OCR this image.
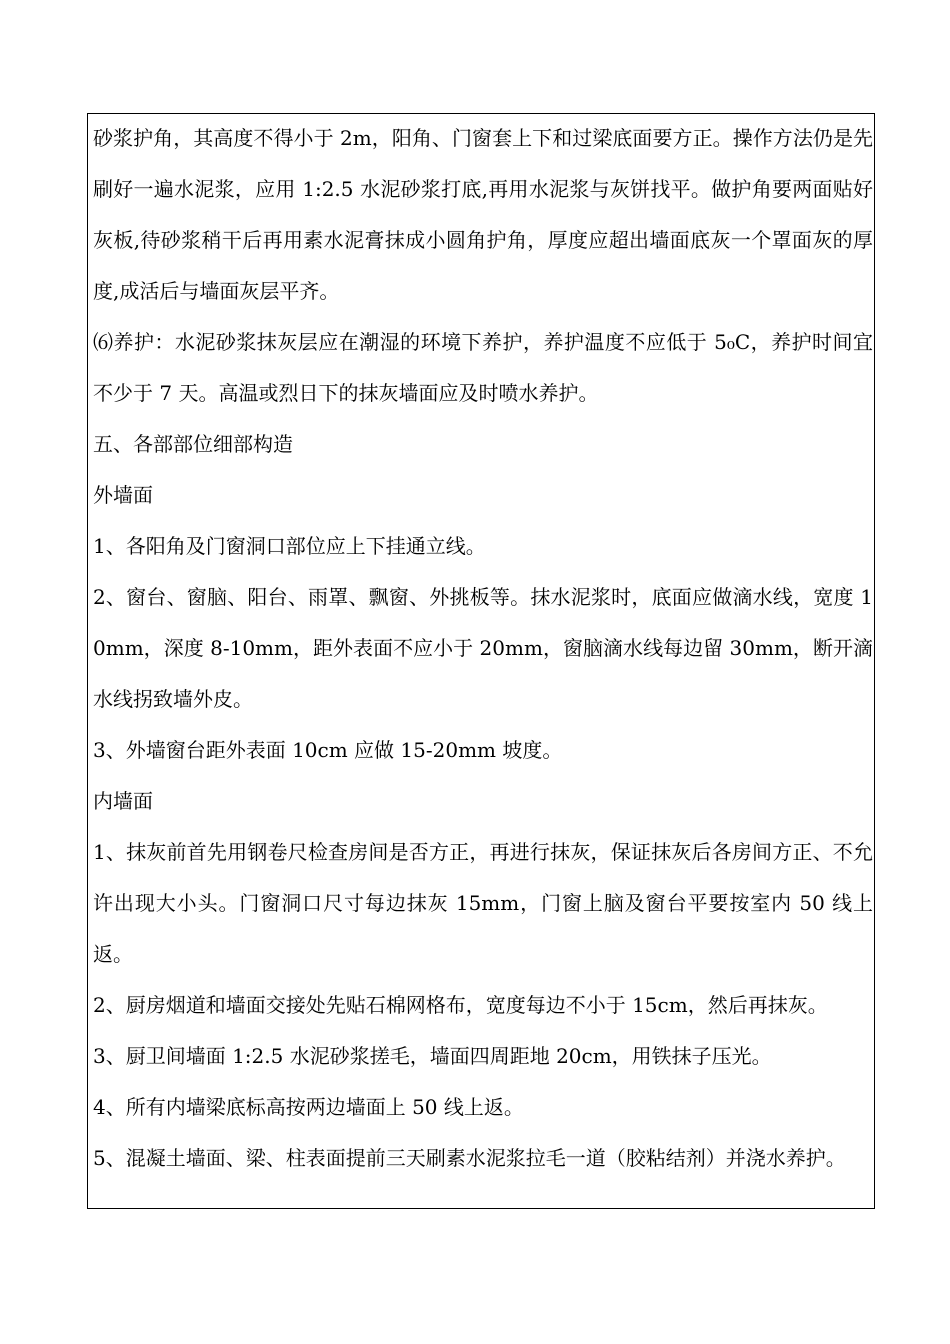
砂浆护角，其高度不得小于 2m，阳角、门窗套上下和过梁底面要方正。操作方法仍是先刷好一遍水泥浆，应用 1:2.5 水泥砂浆打底,再用水泥浆与灰饼找平。做护角要两面贴好灰板,待砂浆稍干后再用素水泥膏抹成小圆角护角，厚度应超出墙面底灰一个罩面灰的厚度,成活后与墙面灰层平齐。

⑹养护：水泥砂浆抹灰层应在潮湿的环境下养护，养护温度不应低于 5₀C，养护时间宜不少于 7 天。高温或烈日下的抹灰墙面应及时喷水养护。

五、各部部位细部构造

外墙面

1、各阳角及门窗洞口部位应上下挂通立线。

2、窗台、窗脑、阳台、雨罩、飘窗、外挑板等。抹水泥浆时，底面应做滴水线，宽度 10mm，深度 8-10mm，距外表面不应小于 20mm，窗脑滴水线每边留 30mm，断开滴水线拐致墙外皮。

3、外墙窗台距外表面 10cm 应做 15-20mm 坡度。

内墙面

1、抹灰前首先用钢卷尺检查房间是否方正，再进行抹灰，保证抹灰后各房间方正、不允许出现大小头。门窗洞口尺寸每边抹灰 15mm，门窗上脑及窗台平要按室内 50 线上返。

2、厨房烟道和墙面交接处先贴石棉网格布，宽度每边不小于 15cm，然后再抹灰。

3、厨卫间墙面 1:2.5 水泥砂浆搓毛，墙面四周距地 20cm，用铁抹子压光。

4、所有内墙梁底标高按两边墙面上 50 线上返。

5、混凝土墙面、梁、柱表面提前三天刷素水泥浆拉毛一道（胶粘结剂）并浇水养护。
